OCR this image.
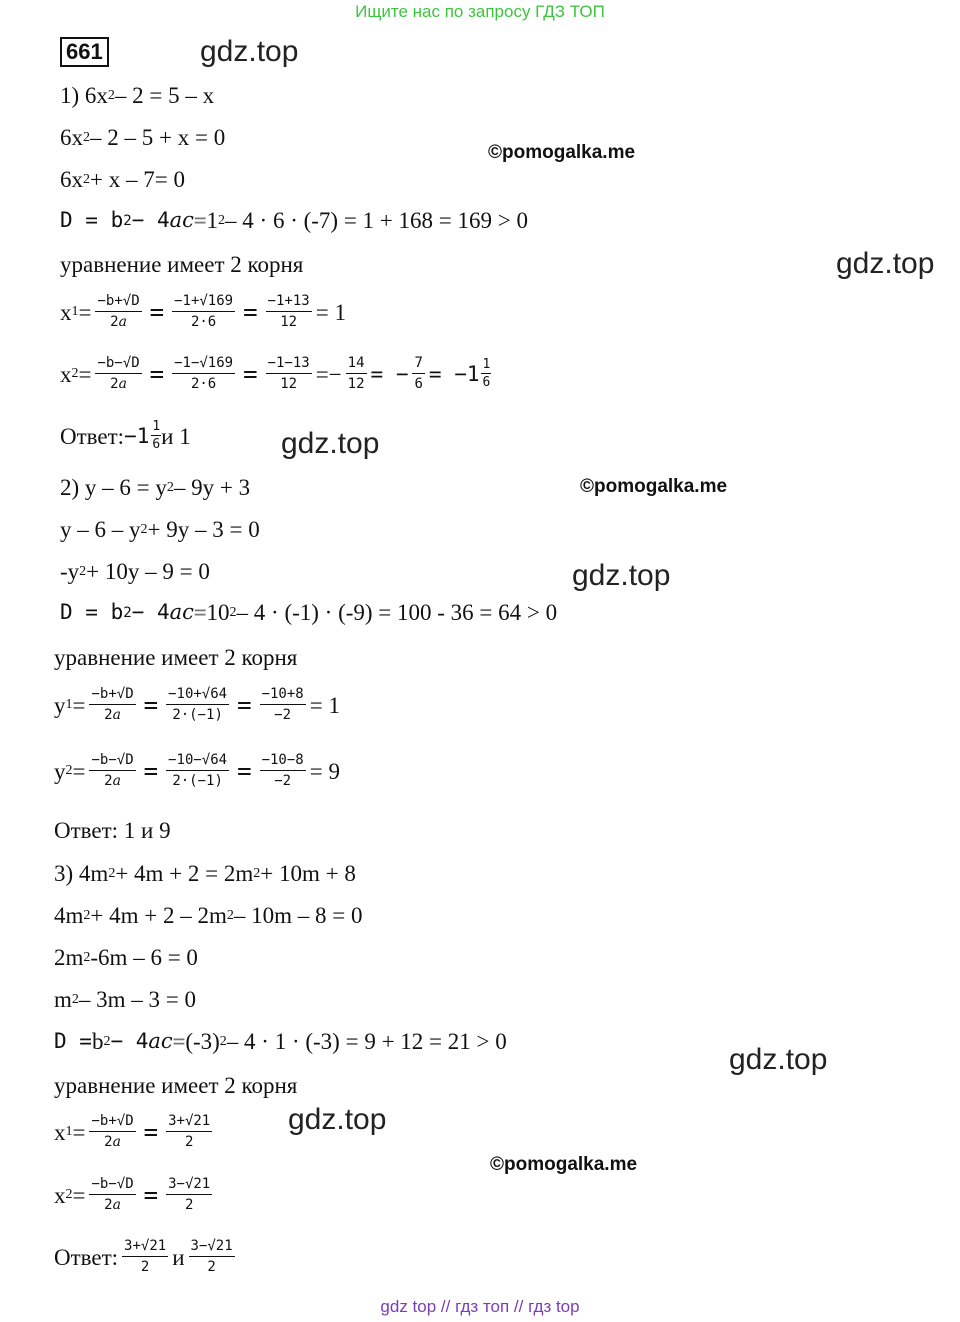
Ищите нас по запросу ГДЗ ТОП
gdz top // гдз топ // гдз top
661	gdz.top
©pomogalka.me
gdz.top
gdz.top
©pomogalka.me
gdz.top
gdz.top
gdz.top
©pomogalka.me
1) 6x 2 – 2 = 5 – x
6x 2 – 2 – 5 + x = 0
6x 2 + x – 7= 0
D = b 2 − 4 ac = 1 2 – 4 · 6 · (-7) = 1 + 168 = 169 > 0
уравнение имеет 2 корня
x $1 = \frac{-b+√D}{2a} = \frac{-1+√169}{2\cdot 6} = \frac{-1+13}{12} = 1$
x $2 = \frac{-b-√D}{2a} = \frac{-1-√169}{2\cdot 6} = \frac{-1-13}{12} =- \frac{14}{12}$ = − $\frac{7}{6} = -1$ 1
6
Ответ: −1 1
6 и 1
2) y – 6 = y 2 – 9y + 3
y – 6 – y 2 + 9y – 3 = 0
-y 2 + 10y – 9 = 0
D = b 2 − 4 ac = 10 2 – 4 · (-1) · (-9) = 100 - 36 = 64 > 0
уравнение имеет 2 корня
y $1 = \frac{-b+√D}{2a} = \frac{-10+√64}{2\cdot(-1)} = \frac{-10+8}{-2} = 1$
y $2 = \frac{-b-√D}{2a} = \frac{-10-√64}{2\cdot(-1)} = \frac{-10-8}{-2} = 9$
Ответ: 1 и 9
3) 4m 2 + 4m + 2 = 2m 2 + 10m + 8
4m 2 + 4m + 2 – 2m 2 – 10m – 8 = 0
2m 2 -6m – 6 = 0
m 2 – 3m – 3 = 0
D = b 2 − 4 ac = (-3) 2 – 4 · 1 · (-3) = 9 + 12 = 21 > 0
уравнение имеет 2 корня
x $1 = \frac{-b+√D}{2a} = \frac{3+√21}{2}$
x $2 = \frac{-b-√D}{2a} = \frac{3-√21}{2}$
Ответ: $\frac{3+√21}{2}$ и $\frac{3-√21}{2}$
